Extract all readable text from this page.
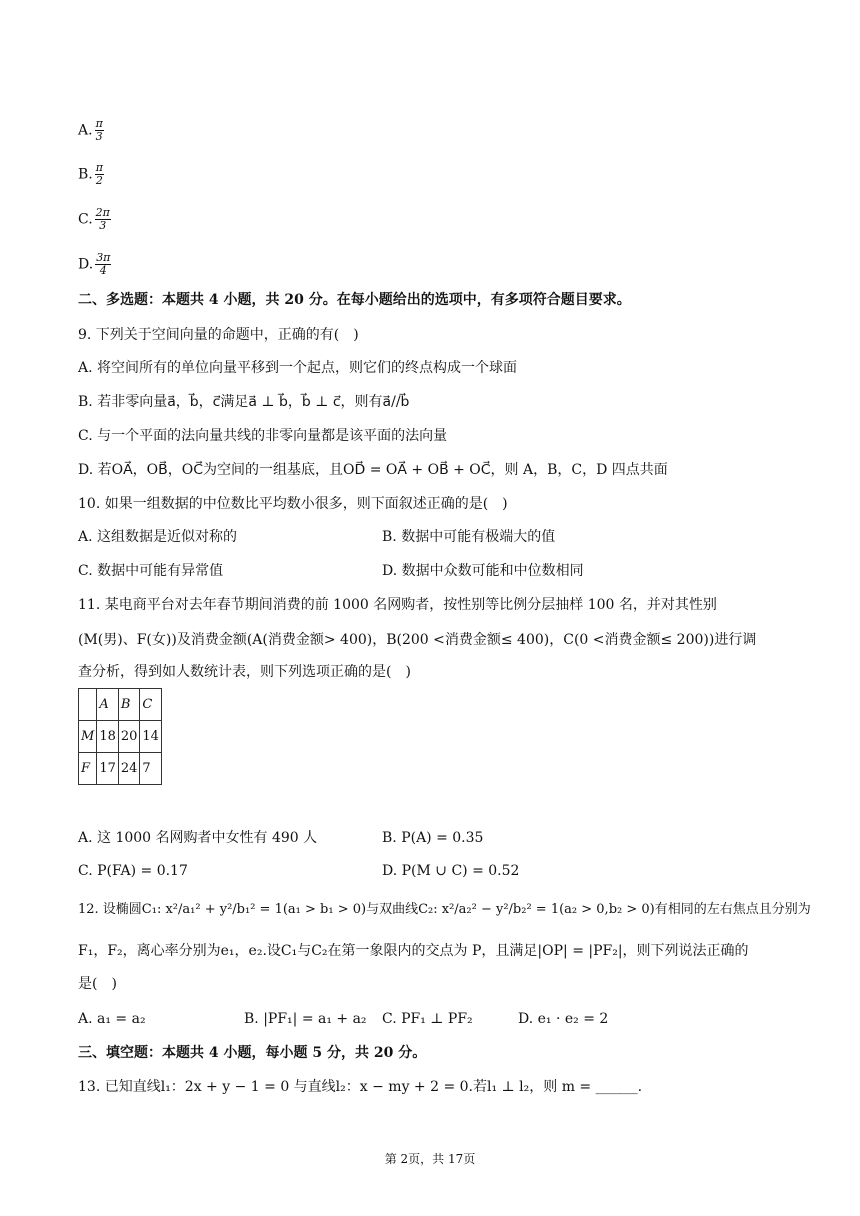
A. $\frac{\pi}{3}$
B. $\frac{\pi}{2}$
C. $\frac{2\pi}{3}$
D. $\frac{3\pi}{4}$
二、多选题：本题共 4 小题，共 20 分。在每小题给出的选项中，有多项符合题目要求。
9. 下列关于空间向量的命题中，正确的有(　)
A. 将空间所有的单位向量平移到一个起点，则它们的终点构成一个球面
B. 若非零向量a⃗，b⃗，c⃗满足a⃗ ⊥ b⃗，b⃗ ⊥ c⃗，则有a⃗//b⃗
C. 与一个平面的法向量共线的非零向量都是该平面的法向量
D. 若OA⃗，OB⃗，OC⃗为空间的一组基底，且OD⃗ = OA⃗ + OB⃗ + OC⃗，则 A，B，C，D 四点共面
10. 如果一组数据的中位数比平均数小很多，则下面叙述正确的是(　)
A. 这组数据是近似对称的	B. 数据中可能有极端大的值
C. 数据中可能有异常值	D. 数据中众数可能和中位数相同
11. 某电商平台对去年春节期间消费的前 1000 名网购者，按性别等比例分层抽样 100 名，并对其性别
(M(男)、F(女))及消费金额(A(消费金额> 400)，B(200 <消费金额≤ 400)，C(0 <消费金额≤ 200))进行调
查分析，得到如人数统计表，则下列选项正确的是(　)
	A	B	C
M	18	20	14
F	17	24	7
A. 这 1000 名网购者中女性有 490 人	B. P(A) = 0.35
C. P(FA) = 0.17	D. P(M ∪ C) = 0.52
12. 设椭圆C₁: x²/a₁² + y²/b₁² = 1(a₁ > b₁ > 0)与双曲线C₂: x²/a₂² − y²/b₂² = 1(a₂ > 0,b₂ > 0)有相同的左右焦点且分别为
F₁，F₂，离心率分别为e₁，e₂.设C₁与C₂在第一象限内的交点为 P，且满足|OP| = |PF₂|，则下列说法正确的
是(　)
A. a₁ = a₂	B. |PF₁| = a₁ + a₂ C. PF₁ ⊥ PF₂	D. e₁ · e₂ = 2
三、填空题：本题共 4 小题，每小题 5 分，共 20 分。
13. 已知直线l₁：2x + y − 1 = 0 与直线l₂：x − my + 2 = 0.若l₁ ⊥ l₂，则 m = ______.
第 2页，共 17页
